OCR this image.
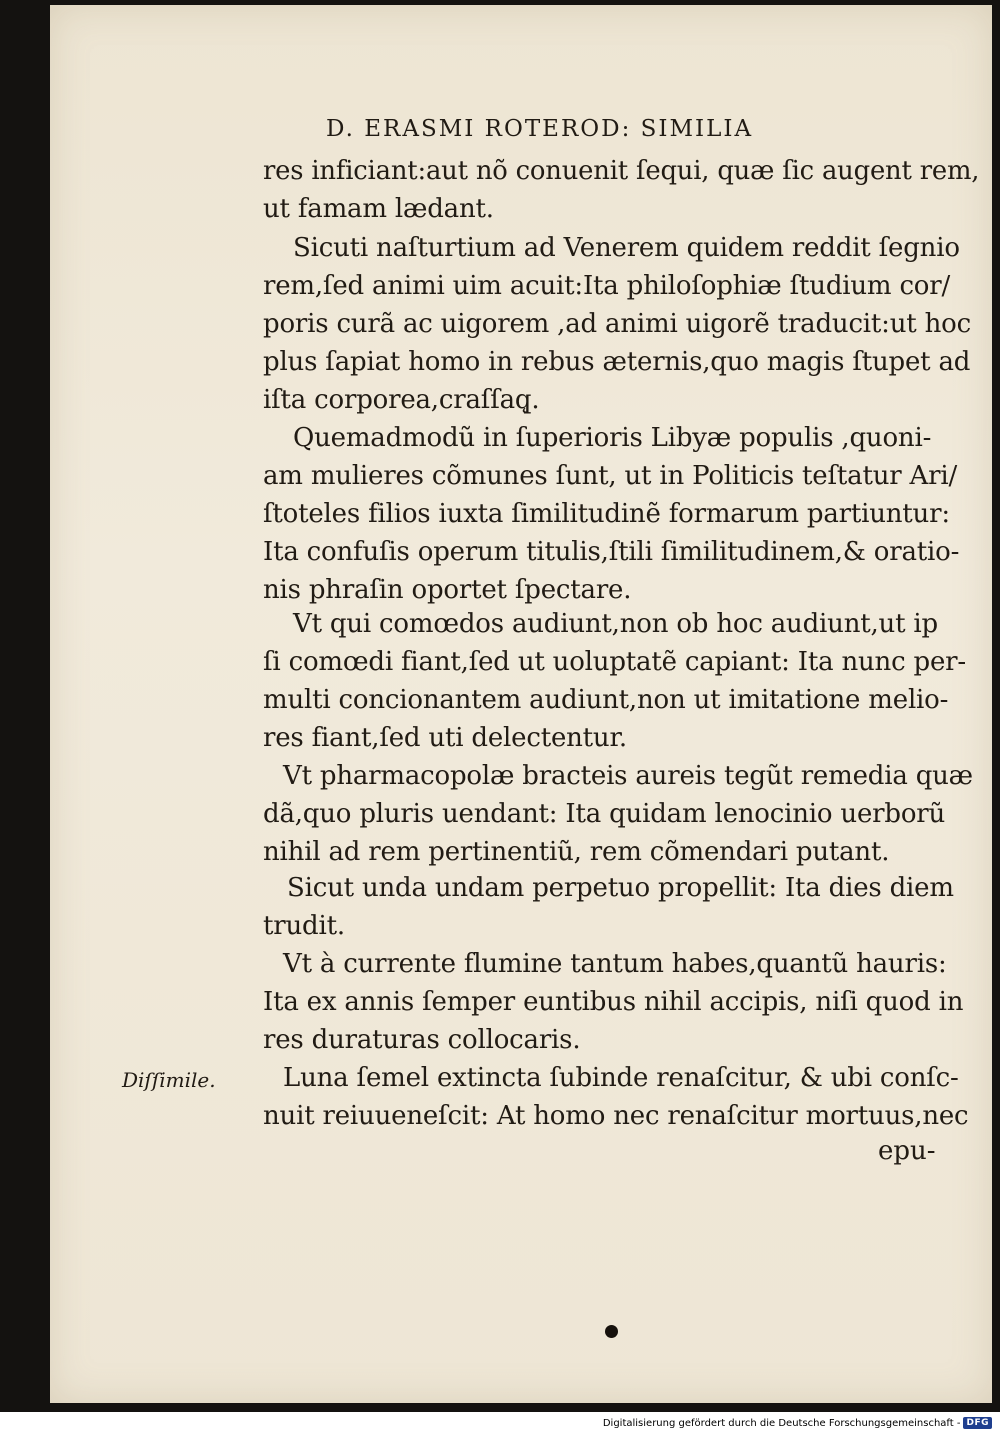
D. ERASMI ROTEROD: SIMILIA
res inficiant:aut nõ conuenit ſequi, quæ ſic augent rem,
ut famam lædant.
Sicuti naſturtium ad Venerem quidem reddit ſegnio
rem,ſed animi uim acuit:Ita philoſophiæ ſtudium cor/
poris curã ac uigorem ,ad animi uigorẽ traducit:ut hoc
plus ſapiat homo in rebus æternis,quo magis ſtupet ad
iſta corporea,craſſaq̨.
Quemadmodũ in ſuperioris Libyæ populis ,quoni-
am mulieres cõmunes ſunt, ut in Politicis teſtatur Ari/
ſtoteles filios iuxta ſimilitudinẽ formarum partiuntur:
Ita confuſis operum titulis,ſtili ſimilitudinem,& oratio-
nis phraſin oportet ſpectare.
Vt qui comœdos audiunt,non ob hoc audiunt,ut ip
ſi comœdi fiant,ſed ut uoluptatẽ capiant: Ita nunc per-
multi concionantem audiunt,non ut imitatione melio-
res fiant,ſed uti delectentur.
Vt pharmacopolæ bracteis aureis tegũt remedia quæ
dã,quo pluris uendant: Ita quidam lenocinio uerborũ
nihil ad rem pertinentiũ, rem cõmendari putant.
Sicut unda undam perpetuo propellit: Ita dies diem
trudit.
Vt à currente flumine tantum habes,quantũ hauris:
Ita ex annis ſemper euntibus nihil accipis, niſi quod in
res duraturas collocaris.
Luna ſemel extincta ſubinde renaſcitur, & ubi conſc-
nuit reiuueneſcit: At homo nec renaſcitur mortuus,nec
Diſſimile.
epu-
Digitalisierung gefördert durch die Deutsche Forschungsgemeinschaft - DFG
